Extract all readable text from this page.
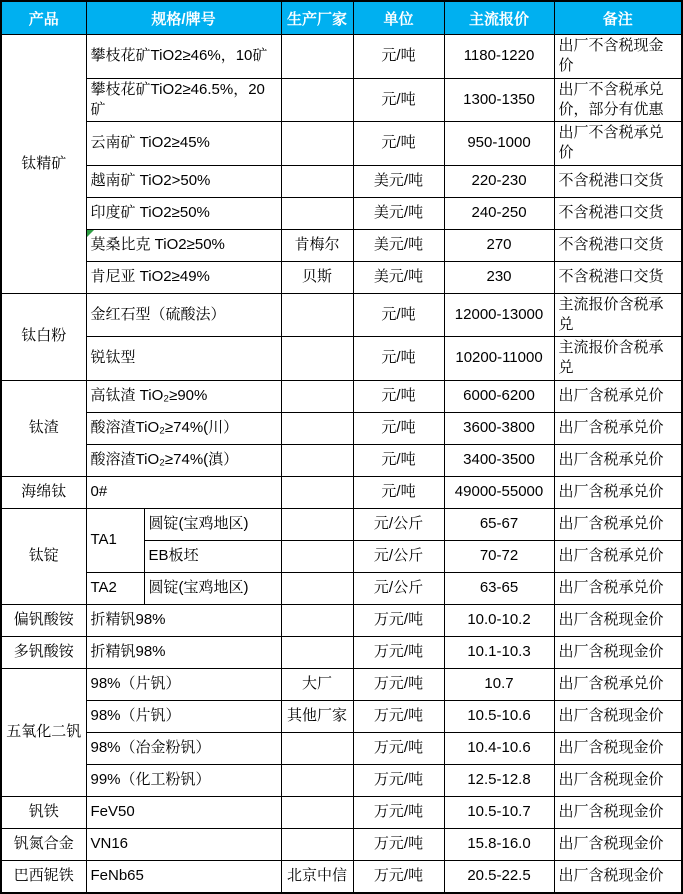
产品	规格/牌号		生产厂家	单位	主流报价	备注
钛精矿	攀枝花矿TiO2≥46%，10矿			元/吨	1180-1220	出厂不含税现金价
	攀枝花矿TiO2≥46.5%，20矿			元/吨	1300-1350	出厂不含税承兑价，部分有优惠
	云南矿 TiO2≥45%			元/吨	950-1000	出厂不含税承兑价
	越南矿 TiO2>50%			美元/吨	220-230	不含税港口交货
	印度矿 TiO2≥50%			美元/吨	240-250	不含税港口交货
	莫桑比克 TiO2≥50%		肯梅尔	美元/吨	270	不含税港口交货
	肯尼亚 TiO2≥49%		贝斯	美元/吨	230	不含税港口交货
钛白粉	金红石型（硫酸法）			元/吨	12000-13000	主流报价含税承兑
	锐钛型			元/吨	10200-11000	主流报价含税承兑
钛渣	高钛渣 TiO₂≥90%			元/吨	6000-6200	出厂含税承兑价
	酸溶渣TiO₂≥74%(川）			元/吨	3600-3800	出厂含税承兑价
	酸溶渣TiO₂≥74%(滇）			元/吨	3400-3500	出厂含税承兑价
海绵钛	0#			元/吨	49000-55000	出厂含税承兑价
钛锭	TA1	圆锭(宝鸡地区)		元/公斤	65-67	出厂含税承兑价
		EB板坯		元/公斤	70-72	出厂含税承兑价
	TA2	圆锭(宝鸡地区)		元/公斤	63-65	出厂含税承兑价
偏钒酸铵	折精钒98%			万元/吨	10.0-10.2	出厂含税现金价
多钒酸铵	折精钒98%			万元/吨	10.1-10.3	出厂含税现金价
五氧化二钒	98%（片钒）		大厂	万元/吨	10.7	出厂含税承兑价
	98%（片钒）		其他厂家	万元/吨	10.5-10.6	出厂含税现金价
	98%（冶金粉钒）			万元/吨	10.4-10.6	出厂含税现金价
	99%（化工粉钒）			万元/吨	12.5-12.8	出厂含税现金价
钒铁	FeV50			万元/吨	10.5-10.7	出厂含税现金价
钒氮合金	VN16			万元/吨	15.8-16.0	出厂含税现金价
巴西铌铁	FeNb65		北京中信	万元/吨	20.5-22.5	出厂含税现金价
